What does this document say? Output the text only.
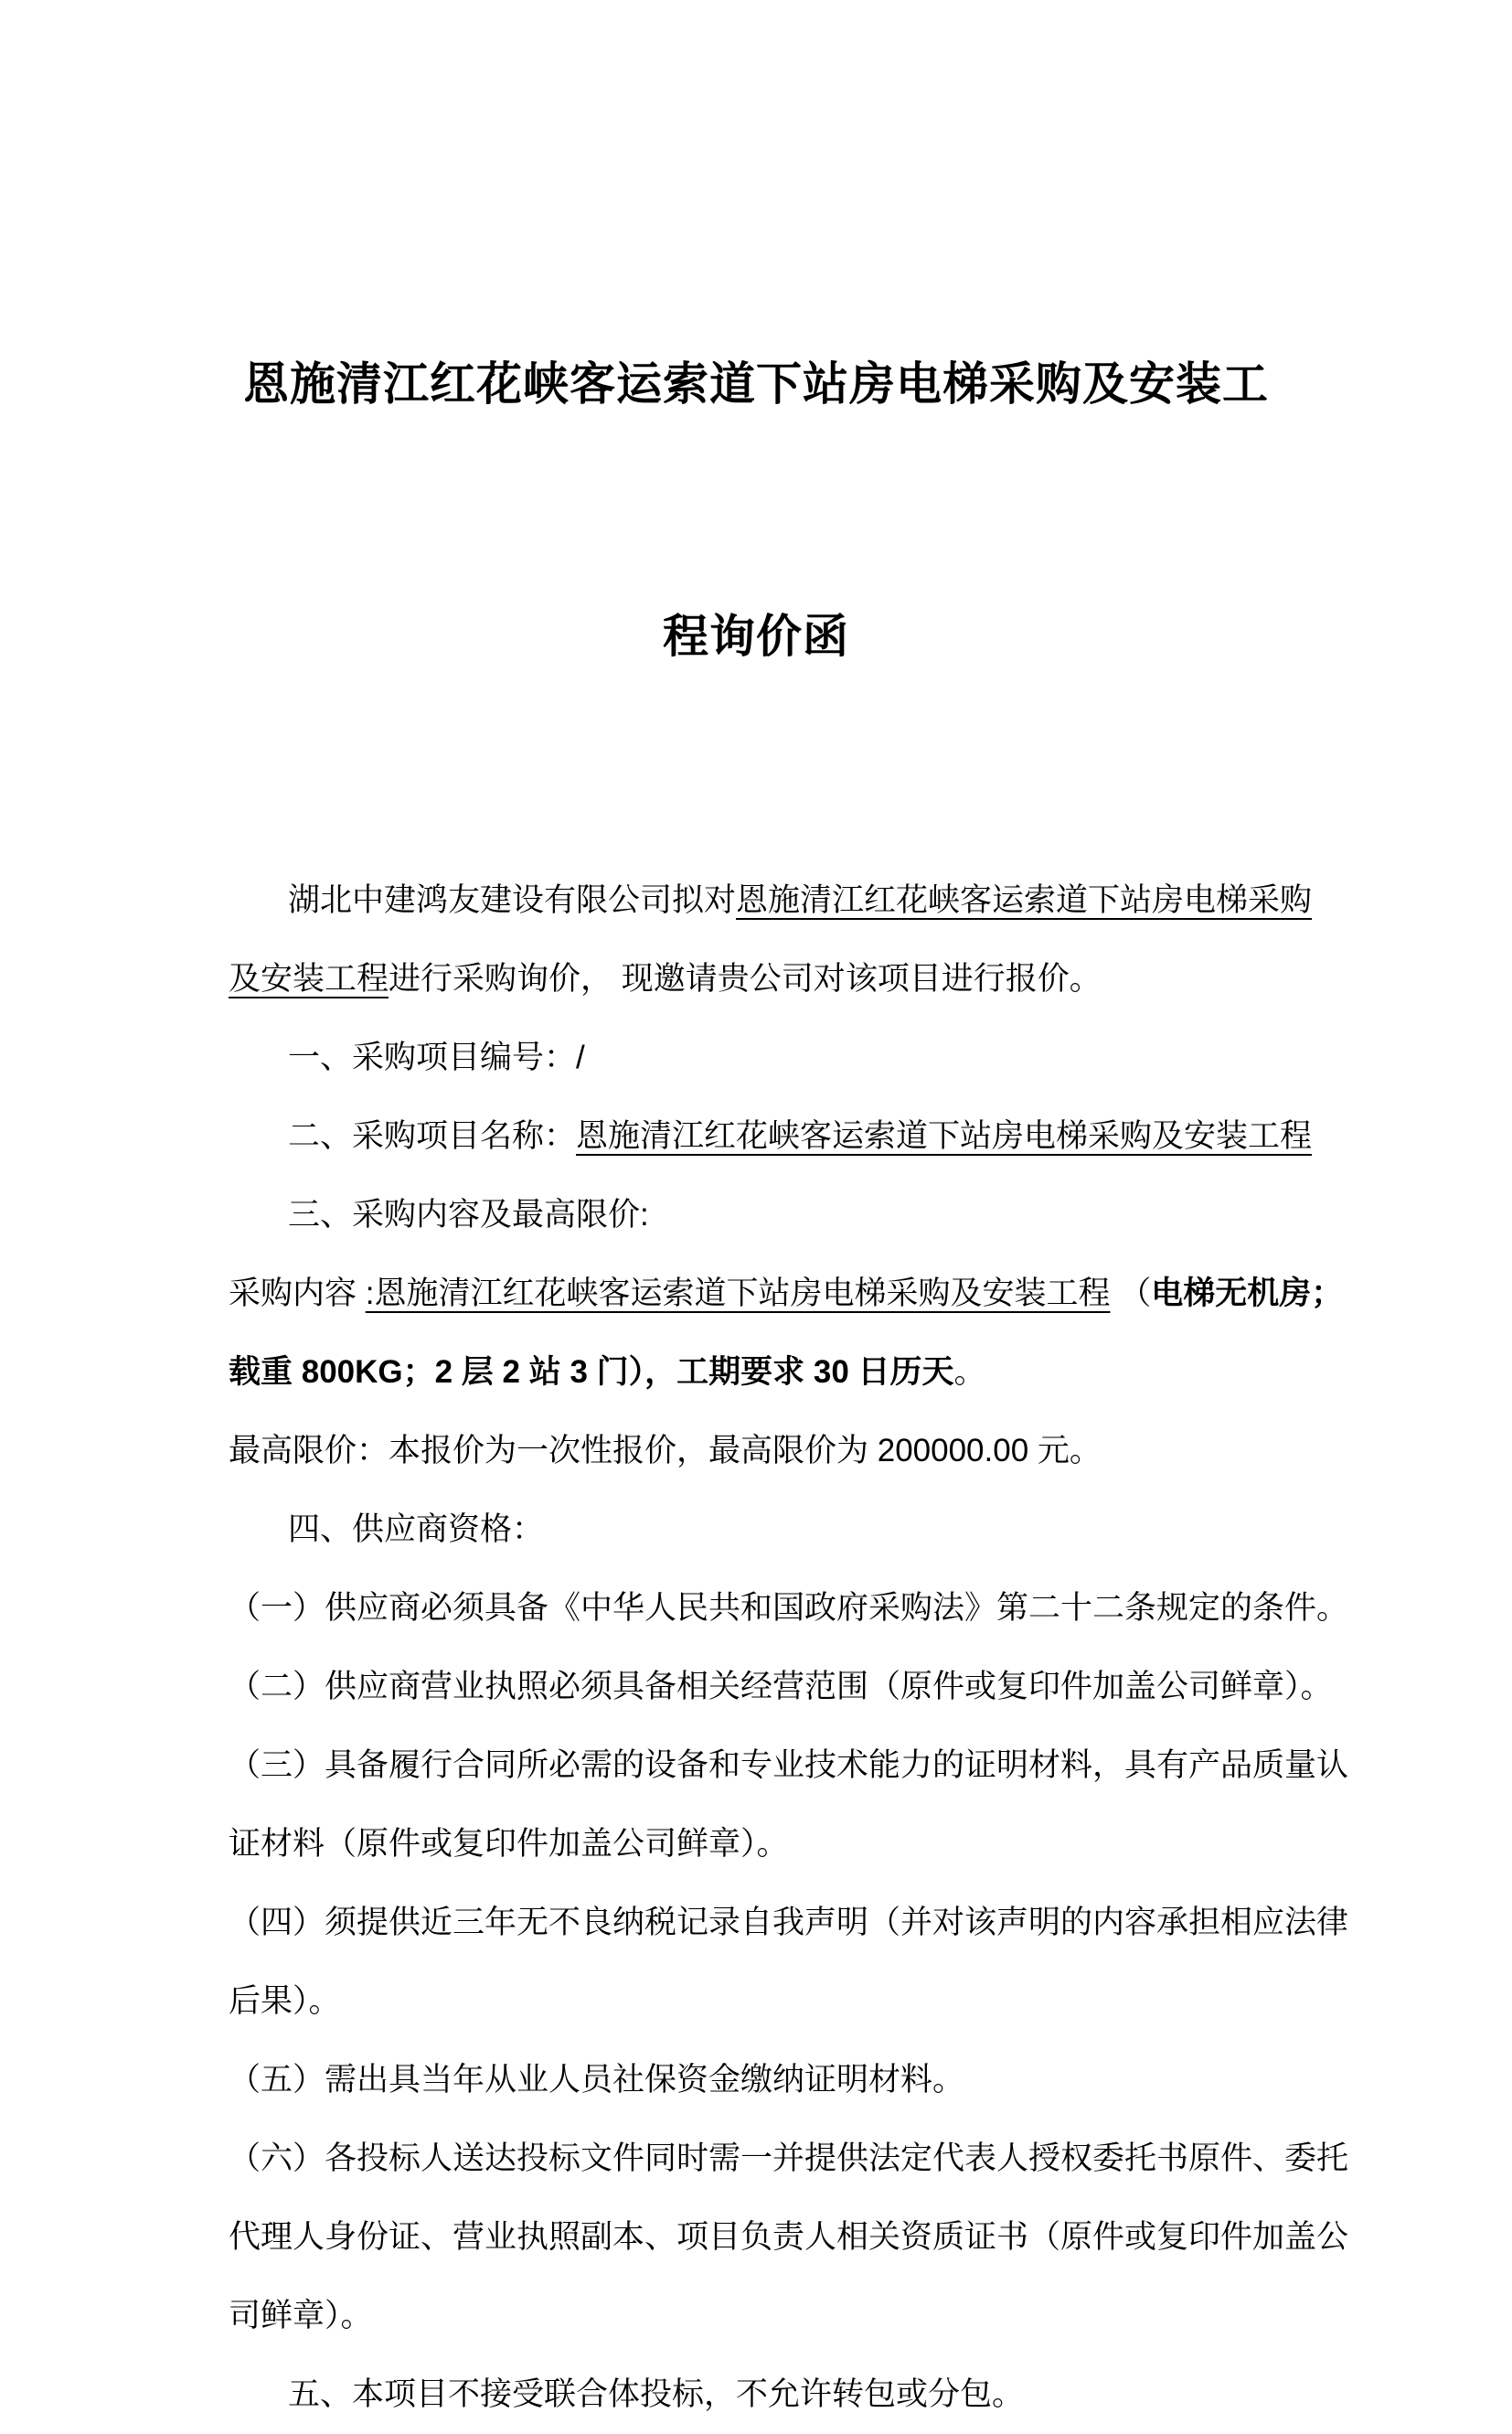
恩施清江红花峡客运索道下站房电梯采购及安装工

程询价函

湖北中建鸿友建设有限公司拟对恩施清江红花峡客运索道下站房电梯采购
及安装工程进行采购询价， 现邀请贵公司对该项目进行报价。
一、采购项目编号：/
二、采购项目名称：恩施清江红花峡客运索道下站房电梯采购及安装工程
三、采购内容及最高限价:
采购内容 :恩施清江红花峡客运索道下站房电梯采购及安装工程 （电梯无机房；
载重 800KG；2 层 2 站 3 门），工期要求 30 日历天。
最高限价：本报价为一次性报价，最高限价为 200000.00 元。
四、供应商资格：
（一）供应商必须具备《中华人民共和国政府采购法》第二十二条规定的条件。
（二）供应商营业执照必须具备相关经营范围（原件或复印件加盖公司鲜章）。
（三）具备履行合同所必需的设备和专业技术能力的证明材料，具有产品质量认
证材料（原件或复印件加盖公司鲜章）。
（四）须提供近三年无不良纳税记录自我声明（并对该声明的内容承担相应法律
后果）。
（五）需出具当年从业人员社保资金缴纳证明材料。
（六）各投标人送达投标文件同时需一并提供法定代表人授权委托书原件、委托
代理人身份证、营业执照副本、项目负责人相关资质证书（原件或复印件加盖公
司鲜章）。
五、本项目不接受联合体投标，不允许转包或分包。
